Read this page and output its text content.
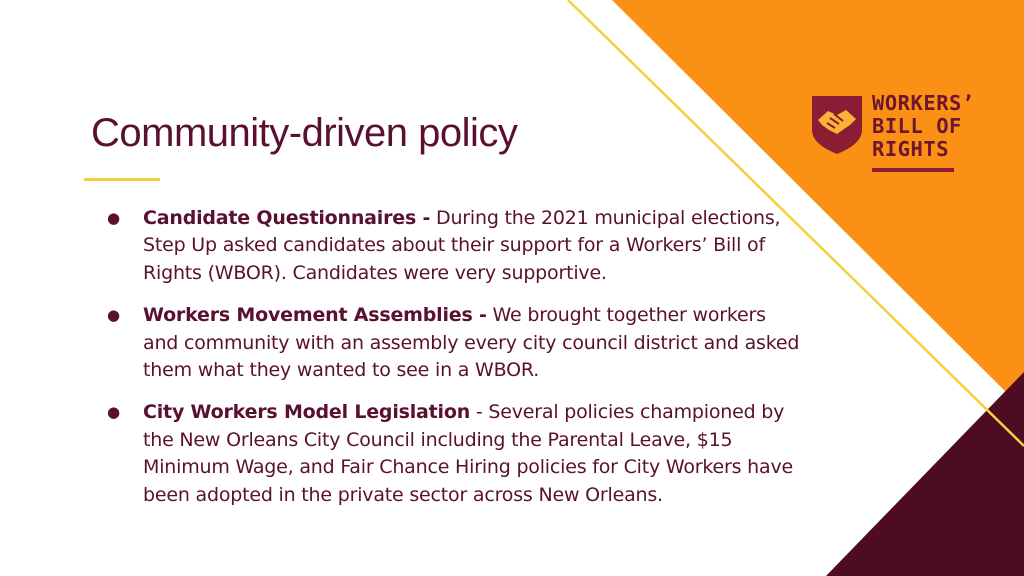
Community-driven policy
● Candidate Questionnaires - During the 2021 municipal elections, Step Up asked candidates about their support for a Workers’ Bill of Rights (WBOR). Candidates were very supportive.
● Workers Movement Assemblies - We brought together workers and community with an assembly every city council district and asked them what they wanted to see in a WBOR.
● City Workers Model Legislation - Several policies championed by the New Orleans City Council including the Parental Leave, $15 Minimum Wage, and Fair Chance Hiring policies for City Workers have been adopted in the private sector across New Orleans.
WORKERS’
BILL OF
RIGHTS
